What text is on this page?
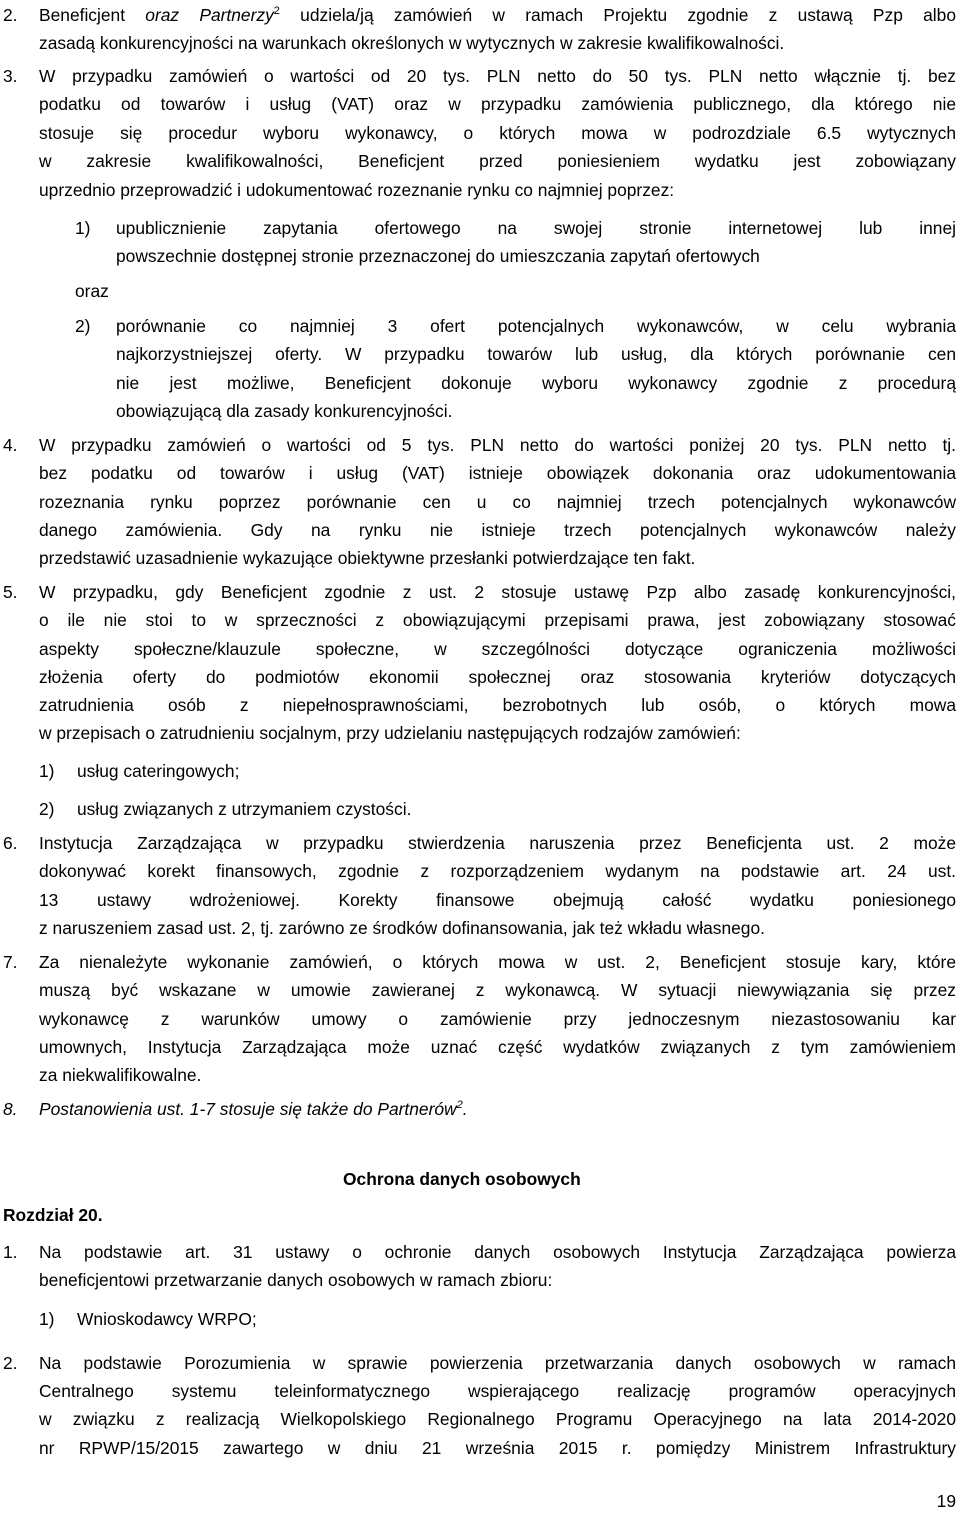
2. Beneficjent oraz Partnerzy$^2$ udziela/ją zamówień w ramach Projektu zgodnie z ustawą Pzp albo

zasadą konkurencyjności na warunkach określonych w wytycznych w zakresie kwalifikowalności.

3. W przypadku zamówień o wartości od 20 tys. PLN netto do 50 tys. PLN netto włącznie tj. bez

podatku od towarów i usług (VAT) oraz w przypadku zamówienia publicznego, dla którego nie

stosuje się procedur wyboru wykonawcy, o których mowa w podrozdziale 6.5 wytycznych

w zakresie kwalifikowalności, Beneficjent przed poniesieniem wydatku jest zobowiązany

uprzednio przeprowadzić i udokumentować rozeznanie rynku co najmniej poprzez:

1) upublicznienie zapytania ofertowego na swojej stronie internetowej lub innej

powszechnie dostępnej stronie przeznaczonej do umieszczania zapytań ofertowych

oraz

2) porównanie co najmniej 3 ofert potencjalnych wykonawców, w celu wybrania

najkorzystniejszej oferty. W przypadku towarów lub usług, dla których porównanie cen

nie jest możliwe, Beneficjent dokonuje wyboru wykonawcy zgodnie z procedurą

obowiązującą dla zasady konkurencyjności.

4. W przypadku zamówień o wartości od 5 tys. PLN netto do wartości poniżej 20 tys. PLN netto tj.

bez podatku od towarów i usług (VAT) istnieje obowiązek dokonania oraz udokumentowania

rozeznania rynku poprzez porównanie cen u co najmniej trzech potencjalnych wykonawców

danego zamówienia. Gdy na rynku nie istnieje trzech potencjalnych wykonawców należy

przedstawić uzasadnienie wykazujące obiektywne przesłanki potwierdzające ten fakt.

5. W przypadku, gdy Beneficjent zgodnie z ust. 2 stosuje ustawę Pzp albo zasadę konkurencyjności,

o ile nie stoi to w sprzeczności z obowiązującymi przepisami prawa, jest zobowiązany stosować

aspekty społeczne/klauzule społeczne, w szczególności dotyczące ograniczenia możliwości

złożenia oferty do podmiotów ekonomii społecznej oraz stosowania kryteriów dotyczących

zatrudnienia osób z niepełnosprawnościami, bezrobotnych lub osób, o których mowa

w przepisach o zatrudnieniu socjalnym, przy udzielaniu następujących rodzajów zamówień:

1) usług cateringowych;

2) usług związanych z utrzymaniem czystości.

6. Instytucja Zarządzająca w przypadku stwierdzenia naruszenia przez Beneficjenta ust. 2 może

dokonywać korekt finansowych, zgodnie z rozporządzeniem wydanym na podstawie art. 24 ust.

13 ustawy wdrożeniowej. Korekty finansowe obejmują całość wydatku poniesionego

z naruszeniem zasad ust. 2, tj. zarówno ze środków dofinansowania, jak też wkładu własnego.

7. Za nienależyte wykonanie zamówień, o których mowa w ust. 2, Beneficjent stosuje kary, które

muszą być wskazane w umowie zawieranej z wykonawcą. W sytuacji niewywiązania się przez

wykonawcę z warunków umowy o zamówienie przy jednoczesnym niezastosowaniu kar

umownych, Instytucja Zarządzająca może uznać część wydatków związanych z tym zamówieniem

za niekwalifikowalne.

8. Postanowienia ust. 1-7 stosuje się także do Partnerów$^2$.

Ochrona danych osobowych
Rozdział 20.
1. Na podstawie art. 31 ustawy o ochronie danych osobowych Instytucja Zarządzająca powierza

beneficjentowi przetwarzanie danych osobowych w ramach zbioru:

1) Wnioskodawcy WRPO;

2. Na podstawie Porozumienia w sprawie powierzenia przetwarzania danych osobowych w ramach

Centralnego systemu teleinformatycznego wspierającego realizację programów operacyjnych

w związku z realizacją Wielkopolskiego Regionalnego Programu Operacyjnego na lata 2014-2020

nr RPWP/15/2015 zawartego w dniu 21 września 2015 r. pomiędzy Ministrem Infrastruktury

19
